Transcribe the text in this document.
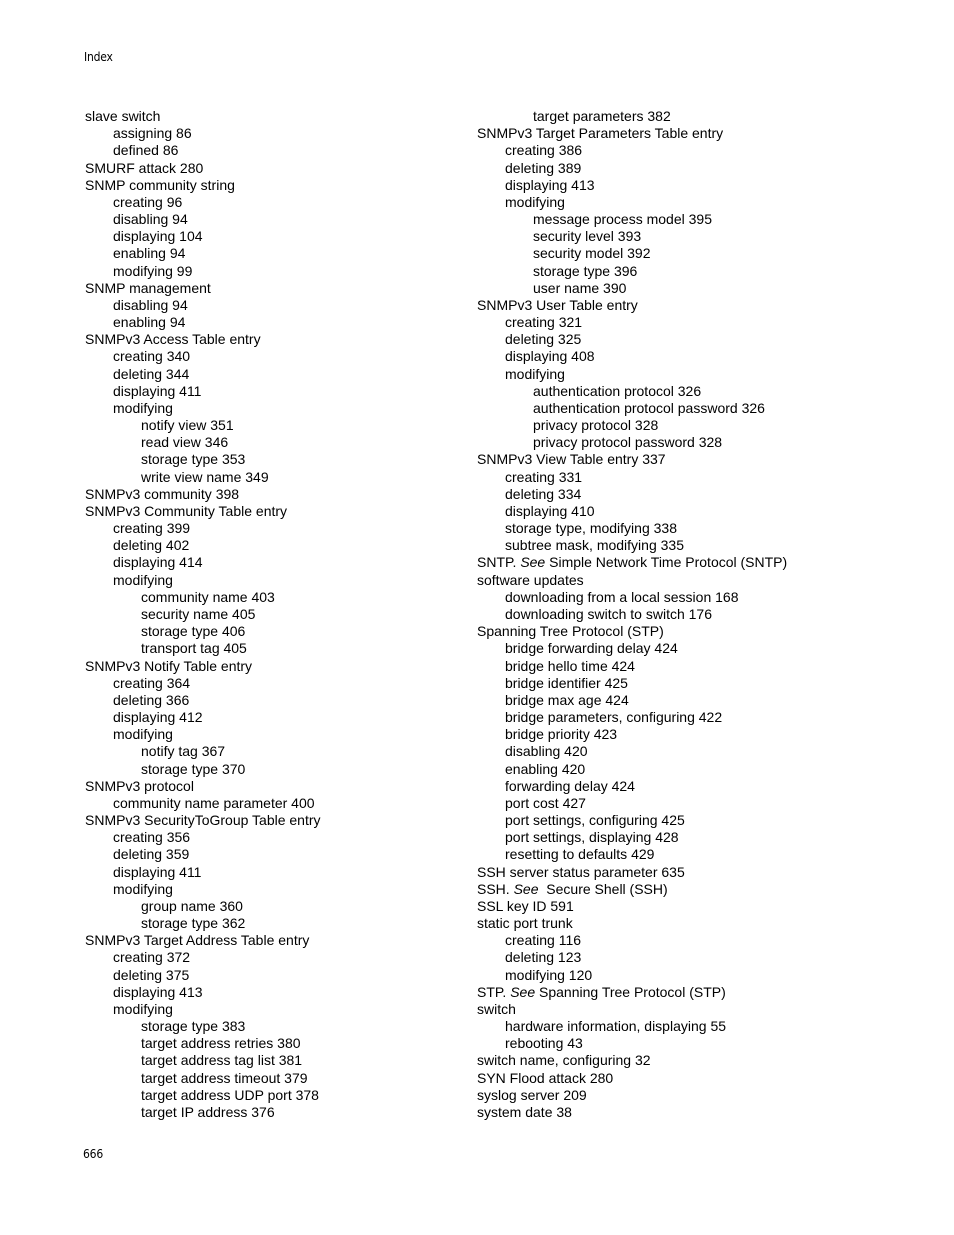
Index
slave switch
assigning 86
defined 86
SMURF attack 280
SNMP community string
creating 96
disabling 94
displaying 104
enabling 94
modifying 99
SNMP management
disabling 94
enabling 94
SNMPv3 Access Table entry
creating 340
deleting 344
displaying 411
modifying
notify view 351
read view 346
storage type 353
write view name 349
SNMPv3 community 398
SNMPv3 Community Table entry
creating 399
deleting 402
displaying 414
modifying
community name 403
security name 405
storage type 406
transport tag 405
SNMPv3 Notify Table entry
creating 364
deleting 366
displaying 412
modifying
notify tag 367
storage type 370
SNMPv3 protocol
community name parameter 400
SNMPv3 SecurityToGroup Table entry
creating 356
deleting 359
displaying 411
modifying
group name 360
storage type 362
SNMPv3 Target Address Table entry
creating 372
deleting 375
displaying 413
modifying
storage type 383
target address retries 380
target address tag list 381
target address timeout 379
target address UDP port 378
target IP address 376
target parameters 382
SNMPv3 Target Parameters Table entry
creating 386
deleting 389
displaying 413
modifying
message process model 395
security level 393
security model 392
storage type 396
user name 390
SNMPv3 User Table entry
creating 321
deleting 325
displaying 408
modifying
authentication protocol 326
authentication protocol password 326
privacy protocol 328
privacy protocol password 328
SNMPv3 View Table entry 337
creating 331
deleting 334
displaying 410
storage type, modifying 338
subtree mask, modifying 335
SNTP. See Simple Network Time Protocol (SNTP)
software updates
downloading from a local session 168
downloading switch to switch 176
Spanning Tree Protocol (STP)
bridge forwarding delay 424
bridge hello time 424
bridge identifier 425
bridge max age 424
bridge parameters, configuring 422
bridge priority 423
disabling 420
enabling 420
forwarding delay 424
port cost 427
port settings, configuring 425
port settings, displaying 428
resetting to defaults 429
SSH server status parameter 635
SSH. See  Secure Shell (SSH)
SSL key ID 591
static port trunk
creating 116
deleting 123
modifying 120
STP. See Spanning Tree Protocol (STP)
switch
hardware information, displaying 55
rebooting 43
switch name, configuring 32
SYN Flood attack 280
syslog server 209
system date 38
666
